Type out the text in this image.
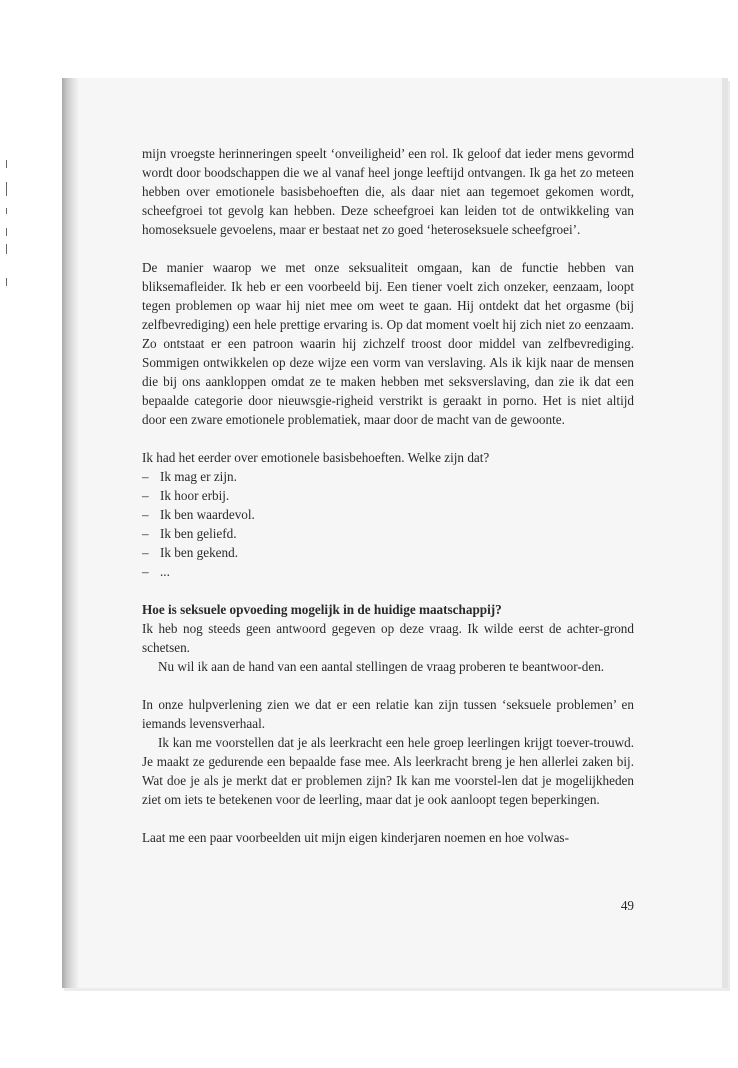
mijn vroegste herinneringen speelt ‘onveiligheid’ een rol. Ik geloof dat ieder mens gevormd wordt door boodschappen die we al vanaf heel jonge leeftijd ontvangen. Ik ga het zo meteen hebben over emotionele basisbehoeften die, als daar niet aan tegemoet gekomen wordt, scheefgroei tot gevolg kan hebben. Deze scheefgroei kan leiden tot de ontwikkeling van homoseksuele gevoelens, maar er bestaat net zo goed ‘heteroseksuele scheefgroei’.

De manier waarop we met onze seksualiteit omgaan, kan de functie hebben van bliksemafleider. Ik heb er een voorbeeld bij. Een tiener voelt zich onzeker, eenzaam, loopt tegen problemen op waar hij niet mee om weet te gaan. Hij ontdekt dat het orgasme (bij zelfbevrediging) een hele prettige ervaring is. Op dat moment voelt hij zich niet zo eenzaam. Zo ontstaat er een patroon waarin hij zichzelf troost door middel van zelfbevrediging. Sommigen ontwikkelen op deze wijze een vorm van verslaving. Als ik kijk naar de mensen die bij ons aankloppen omdat ze te maken hebben met seksverslaving, dan zie ik dat een bepaalde categorie door nieuwsgie-righeid verstrikt is geraakt in porno. Het is niet altijd door een zware emotionele problematiek, maar door de macht van de gewoonte.

Ik had het eerder over emotionele basisbehoeften. Welke zijn dat?

– Ik mag er zijn.
– Ik hoor erbij.
– Ik ben waardevol.
– Ik ben geliefd.
– Ik ben gekend.
– ...

Hoe is seksuele opvoeding mogelijk in de huidige maatschappij?

Ik heb nog steeds geen antwoord gegeven op deze vraag. Ik wilde eerst de achter-grond schetsen.

Nu wil ik aan de hand van een aantal stellingen de vraag proberen te beantwoor-den.

In onze hulpverlening zien we dat er een relatie kan zijn tussen ‘seksuele problemen’ en iemands levensverhaal.

Ik kan me voorstellen dat je als leerkracht een hele groep leerlingen krijgt toever-trouwd. Je maakt ze gedurende een bepaalde fase mee. Als leerkracht breng je hen allerlei zaken bij. Wat doe je als je merkt dat er problemen zijn? Ik kan me voorstel-len dat je mogelijkheden ziet om iets te betekenen voor de leerling, maar dat je ook aanloopt tegen beperkingen.

Laat me een paar voorbeelden uit mijn eigen kinderjaren noemen en hoe volwas-

49
